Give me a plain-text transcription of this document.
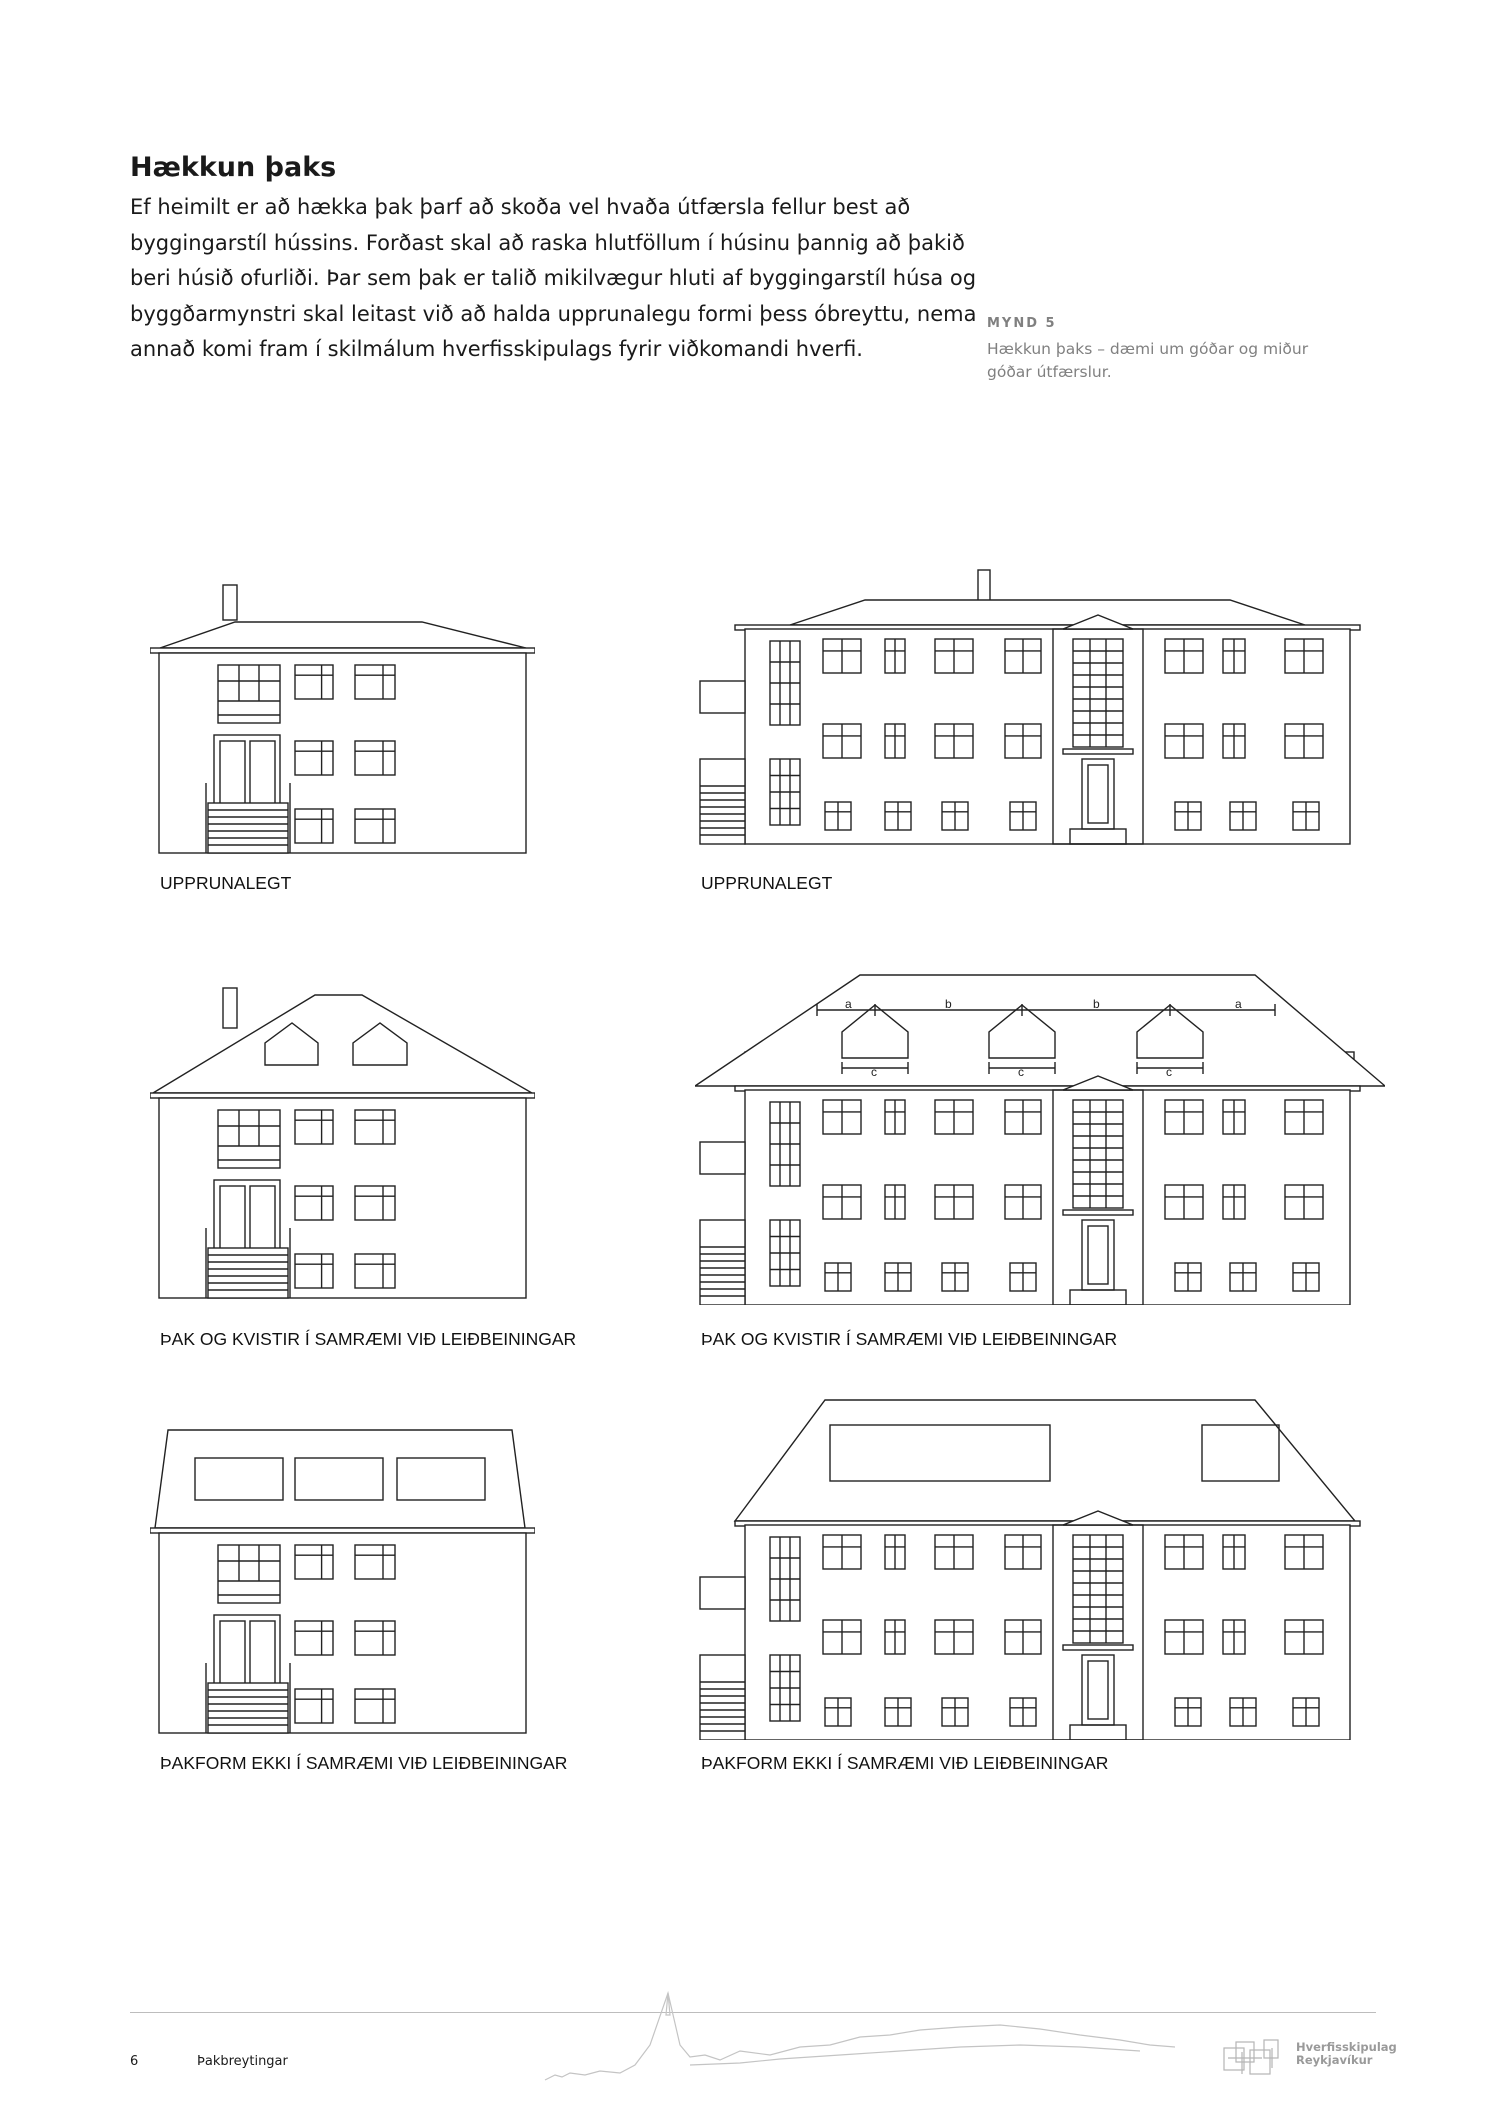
Hækkun þaks

Ef heimilt er að hækka þak þarf að skoða vel hvaða útfærsla fellur best að byggingarstíl hússins. Forðast skal að raska hlutföllum í húsinu þannig að þakið beri húsið ofurliði. Þar sem þak er talið mikilvægur hluti af byggingarstíl húsa og byggðarmynstri skal leitast við að halda upprunalegu formi þess óbreyttu, nema annað komi fram í skilmálum hverfisskipulags fyrir viðkomandi hverfi.

MYND 5
Hækkun þaks – dæmi um góðar og miður góðar útfærslur.
a	b	b	a
c	c	c
UPPRUNALEGT	UPPRUNALEGT
ÞAK OG KVISTIR Í SAMRÆMI VIÐ LEIÐBEININGAR	ÞAK OG KVISTIR Í SAMRÆMI VIÐ LEIÐBEININGAR
ÞAKFORM EKKI Í SAMRÆMI VIÐ LEIÐBEININGAR	ÞAKFORM EKKI Í SAMRÆMI VIÐ LEIÐBEININGAR
6	Þakbreytingar
Hverfisskipulag
Reykjavíkur
